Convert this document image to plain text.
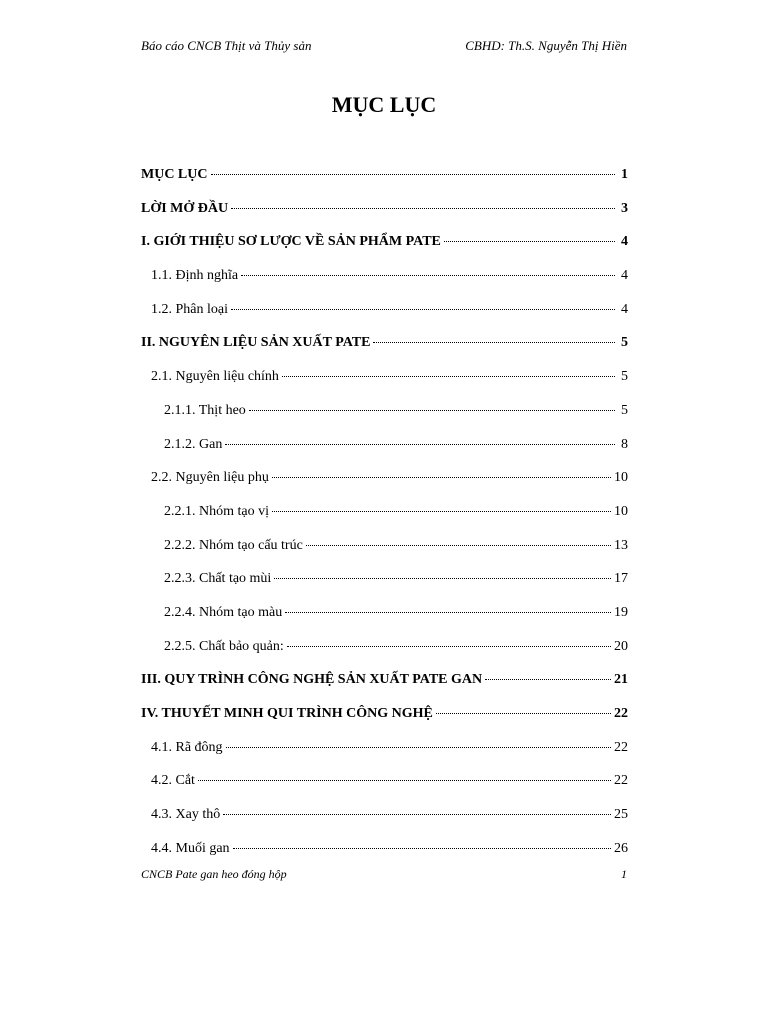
Báo cáo CNCB Thịt và Thủy sản	CBHD: Th.S. Nguyễn Thị Hiền
MỤC LỤC
MỤC LỤC	1
LỜI MỞ ĐẦU	3
I. GIỚI THIỆU SƠ LƯỢC VỀ SẢN PHẨM PATE	4
1.1. Định nghĩa	4
1.2. Phân loại	4
II. NGUYÊN LIỆU SẢN XUẤT PATE	5
2.1. Nguyên liệu chính	5
2.1.1. Thịt heo	5
2.1.2. Gan	8
2.2. Nguyên liệu phụ	10
2.2.1. Nhóm tạo vị	10
2.2.2. Nhóm tạo cấu trúc	13
2.2.3. Chất tạo mùi	17
2.2.4. Nhóm tạo màu	19
2.2.5. Chất bảo quản:	20
III. QUY TRÌNH CÔNG NGHỆ SẢN XUẤT PATE GAN	21
IV. THUYẾT MINH QUI TRÌNH CÔNG NGHỆ	22
4.1. Rã đông	22
4.2. Cắt	22
4.3. Xay thô	25
4.4. Muối gan	26
CNCB Pate gan heo đóng hộp	1
